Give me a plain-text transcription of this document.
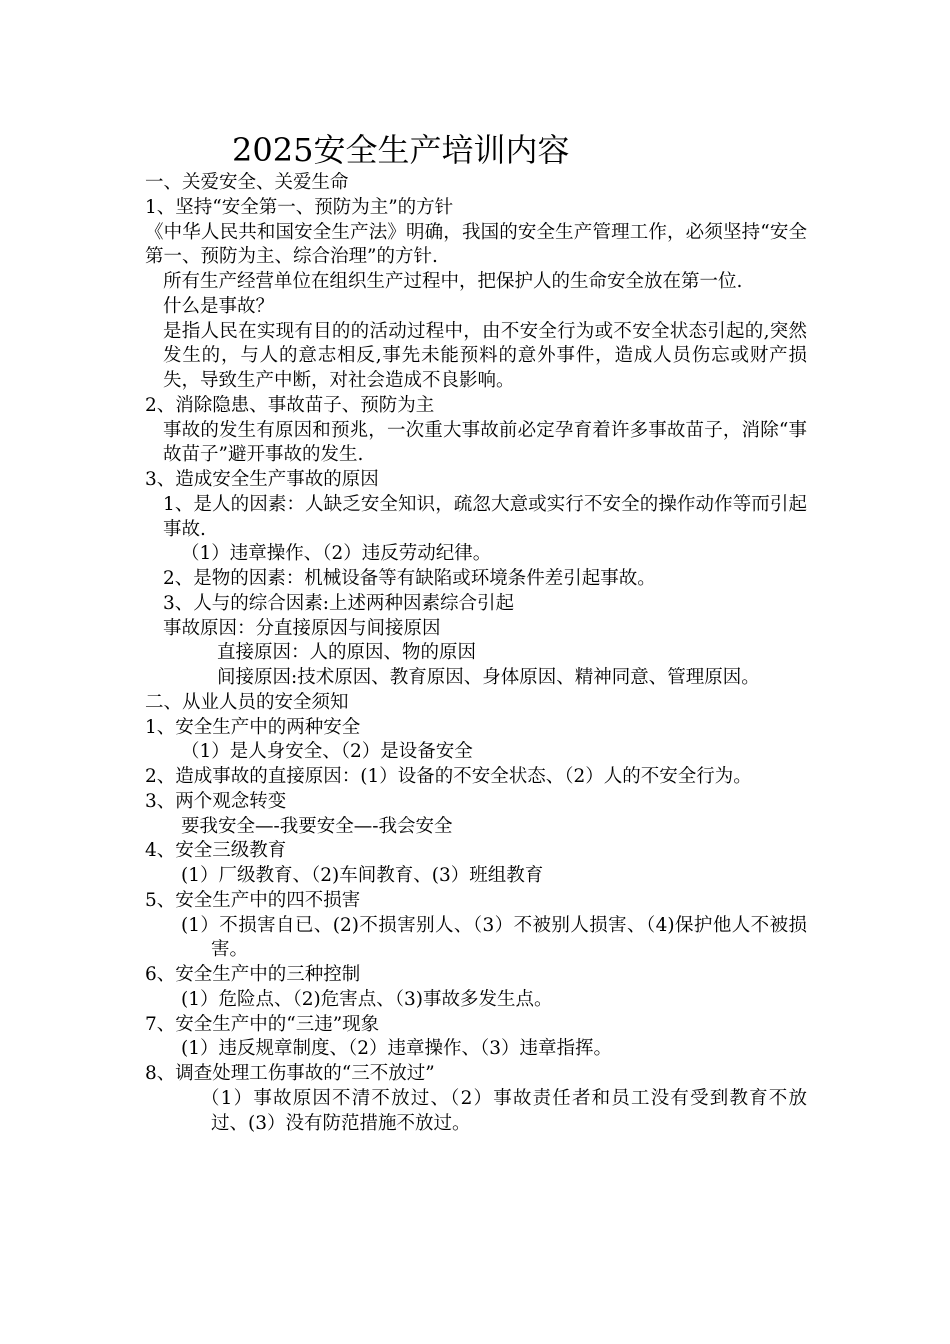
2025安全生产培训内容

一、关爱安全、关爱生命

1、坚持“安全第一、预防为主”的方针

《中华人民共和国安全生产法》明确，我国的安全生产管理工作，必须坚持“安全第一、预防为主、综合治理”的方针.

所有生产经营单位在组织生产过程中，把保护人的生命安全放在第一位.

什么是事故？

是指人民在实现有目的的活动过程中，由不安全行为或不安全状态引起的,突然发生的，与人的意志相反,事先未能预料的意外事件，造成人员伤忘或财产损失，导致生产中断，对社会造成不良影响。

2、消除隐患、事故苗子、预防为主

事故的发生有原因和预兆，一次重大事故前必定孕育着许多事故苗子，消除“事故苗子”避开事故的发生.

3、造成安全生产事故的原因

1、是人的因素：人缺乏安全知识，疏忽大意或实行不安全的操作动作等而引起事故.

（1）违章操作、（2）违反劳动纪律。

2、是物的因素：机械设备等有缺陷或环境条件差引起事故。

3、人与的综合因素:上述两种因素综合引起

事故原因：分直接原因与间接原因

直接原因：人的原因、物的原因

间接原因:技术原因、教育原因、身体原因、精神同意、管理原因。

二、从业人员的安全须知

1、安全生产中的两种安全

（1）是人身安全、（2）是设备安全

2、造成事故的直接原因：(1）设备的不安全状态、（2）人的不安全行为。

3、两个观念转变

要我安全—-我要安全—-我会安全

4、安全三级教育

(1）厂级教育、（2)车间教育、(3）班组教育

5、安全生产中的四不损害

(1）不损害自已、(2)不损害别人、（3）不被别人损害、（4)保护他人不被损害。

6、安全生产中的三种控制

(1）危险点、（2)危害点、（3)事故多发生点。

7、安全生产中的“三违”现象

(1）违反规章制度、（2）违章操作、（3）违章指挥。

8、调查处理工伤事故的“三不放过”

（1）事故原因不清不放过、（2）事故责任者和员工没有受到教育不放过、(3）没有防范措施不放过。
